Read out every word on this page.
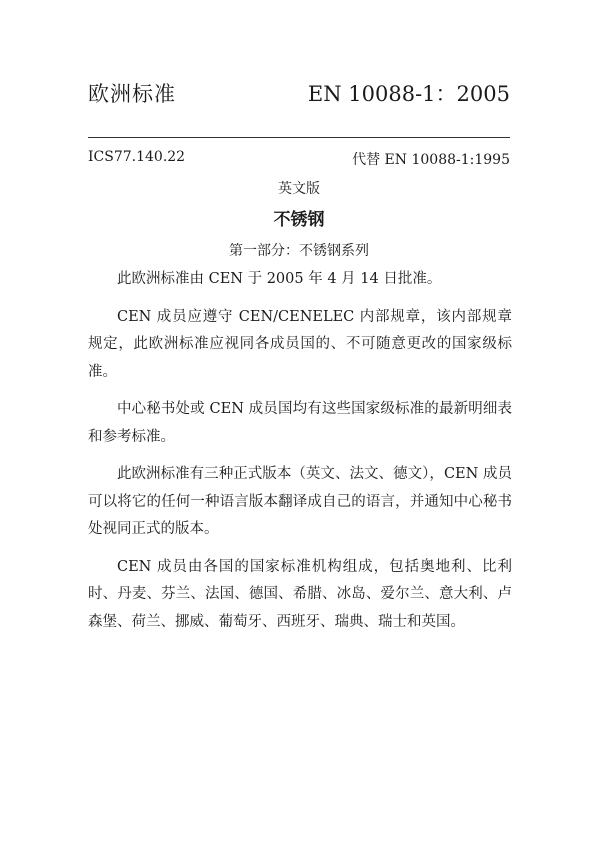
欧洲标准	EN 10088-1：2005
ICS77.140.22	代替 EN 10088-1:1995
英文版
不锈钢
第一部分：不锈钢系列

此欧洲标准由 CEN 于 2005 年 4 月 14 日批准。

CEN 成员应遵守 CEN/CENELEC 内部规章，该内部规章规定，此欧洲标准应视同各成员国的、不可随意更改的国家级标准。

中心秘书处或 CEN 成员国均有这些国家级标准的最新明细表和参考标准。

此欧洲标准有三种正式版本（英文、法文、德文），CEN 成员可以将它的任何一种语言版本翻译成自己的语言，并通知中心秘书处视同正式的版本。

CEN 成员由各国的国家标准机构组成，包括奥地利、比利时、丹麦、芬兰、法国、德国、希腊、冰岛、爱尔兰、意大利、卢森堡、荷兰、挪威、葡萄牙、西班牙、瑞典、瑞士和英国。
